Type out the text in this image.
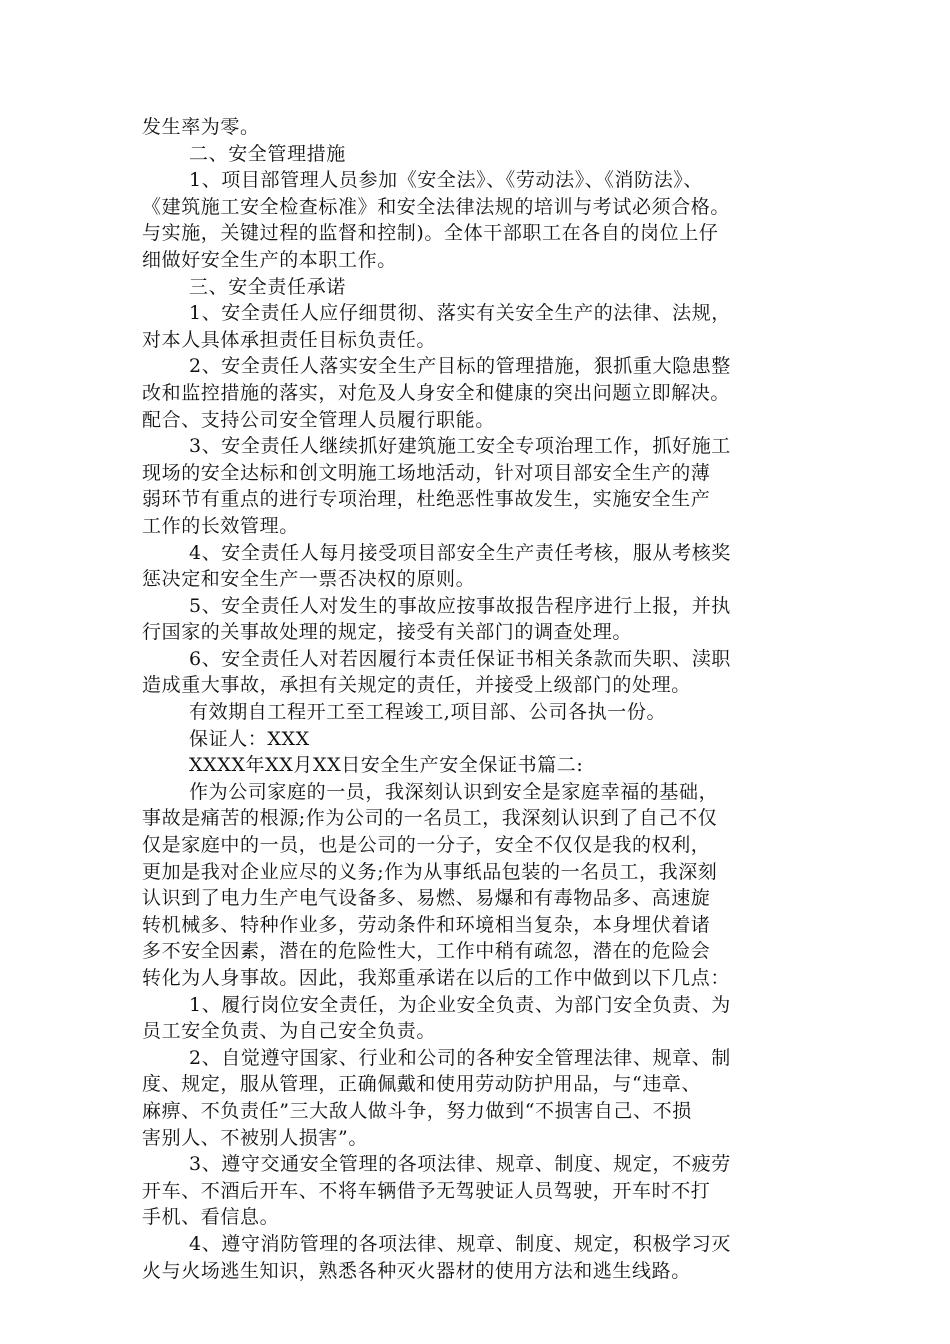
发生率为零。
二、安全管理措施
1、项目部管理人员参加《安全法》、《劳动法》、《消防法》、
《建筑施工安全检查标准》和安全法律法规的培训与考试必须合格。
与实施，关键过程的监督和控制)。全体干部职工在各自的岗位上仔
细做好安全生产的本职工作。
三、安全责任承诺
1、安全责任人应仔细贯彻、落实有关安全生产的法律、法规，
对本人具体承担责任目标负责任。
2、安全责任人落实安全生产目标的管理措施，狠抓重大隐患整
改和监控措施的落实，对危及人身安全和健康的突出问题立即解决。
配合、支持公司安全管理人员履行职能。
3、安全责任人继续抓好建筑施工安全专项治理工作，抓好施工
现场的安全达标和创文明施工场地活动，针对项目部安全生产的薄
弱环节有重点的进行专项治理，杜绝恶性事故发生，实施安全生产
工作的长效管理。
4、安全责任人每月接受项目部安全生产责任考核，服从考核奖
惩决定和安全生产一票否决权的原则。
5、安全责任人对发生的事故应按事故报告程序进行上报，并执
行国家的关事故处理的规定，接受有关部门的调查处理。
6、安全责任人对若因履行本责任保证书相关条款而失职、渎职
造成重大事故，承担有关规定的责任，并接受上级部门的处理。
有效期自工程开工至工程竣工,项目部、公司各执一份。
保证人：XXX
XXXX年XX月XX日安全生产安全保证书篇二:
作为公司家庭的一员，我深刻认识到安全是家庭幸福的基础，
事故是痛苦的根源;作为公司的一名员工，我深刻认识到了自己不仅
仅是家庭中的一员，也是公司的一分子，安全不仅仅是我的权利，
更加是我对企业应尽的义务;作为从事纸品包装的一名员工，我深刻
认识到了电力生产电气设备多、易燃、易爆和有毒物品多、高速旋
转机械多、特种作业多，劳动条件和环境相当复杂，本身埋伏着诸
多不安全因素，潜在的危险性大，工作中稍有疏忽，潜在的危险会
转化为人身事故。因此，我郑重承诺在以后的工作中做到以下几点：
1、履行岗位安全责任，为企业安全负责、为部门安全负责、为
员工安全负责、为自己安全负责。
2、自觉遵守国家、行业和公司的各种安全管理法律、规章、制
度、规定，服从管理，正确佩戴和使用劳动防护用品，与“违章、
麻痹、不负责任”三大敌人做斗争，努力做到“不损害自己、不损
害别人、不被别人损害”。
3、遵守交通安全管理的各项法律、规章、制度、规定，不疲劳
开车、不酒后开车、不将车辆借予无驾驶证人员驾驶，开车时不打
手机、看信息。
4、遵守消防管理的各项法律、规章、制度、规定，积极学习灭
火与火场逃生知识，熟悉各种灭火器材的使用方法和逃生线路。
